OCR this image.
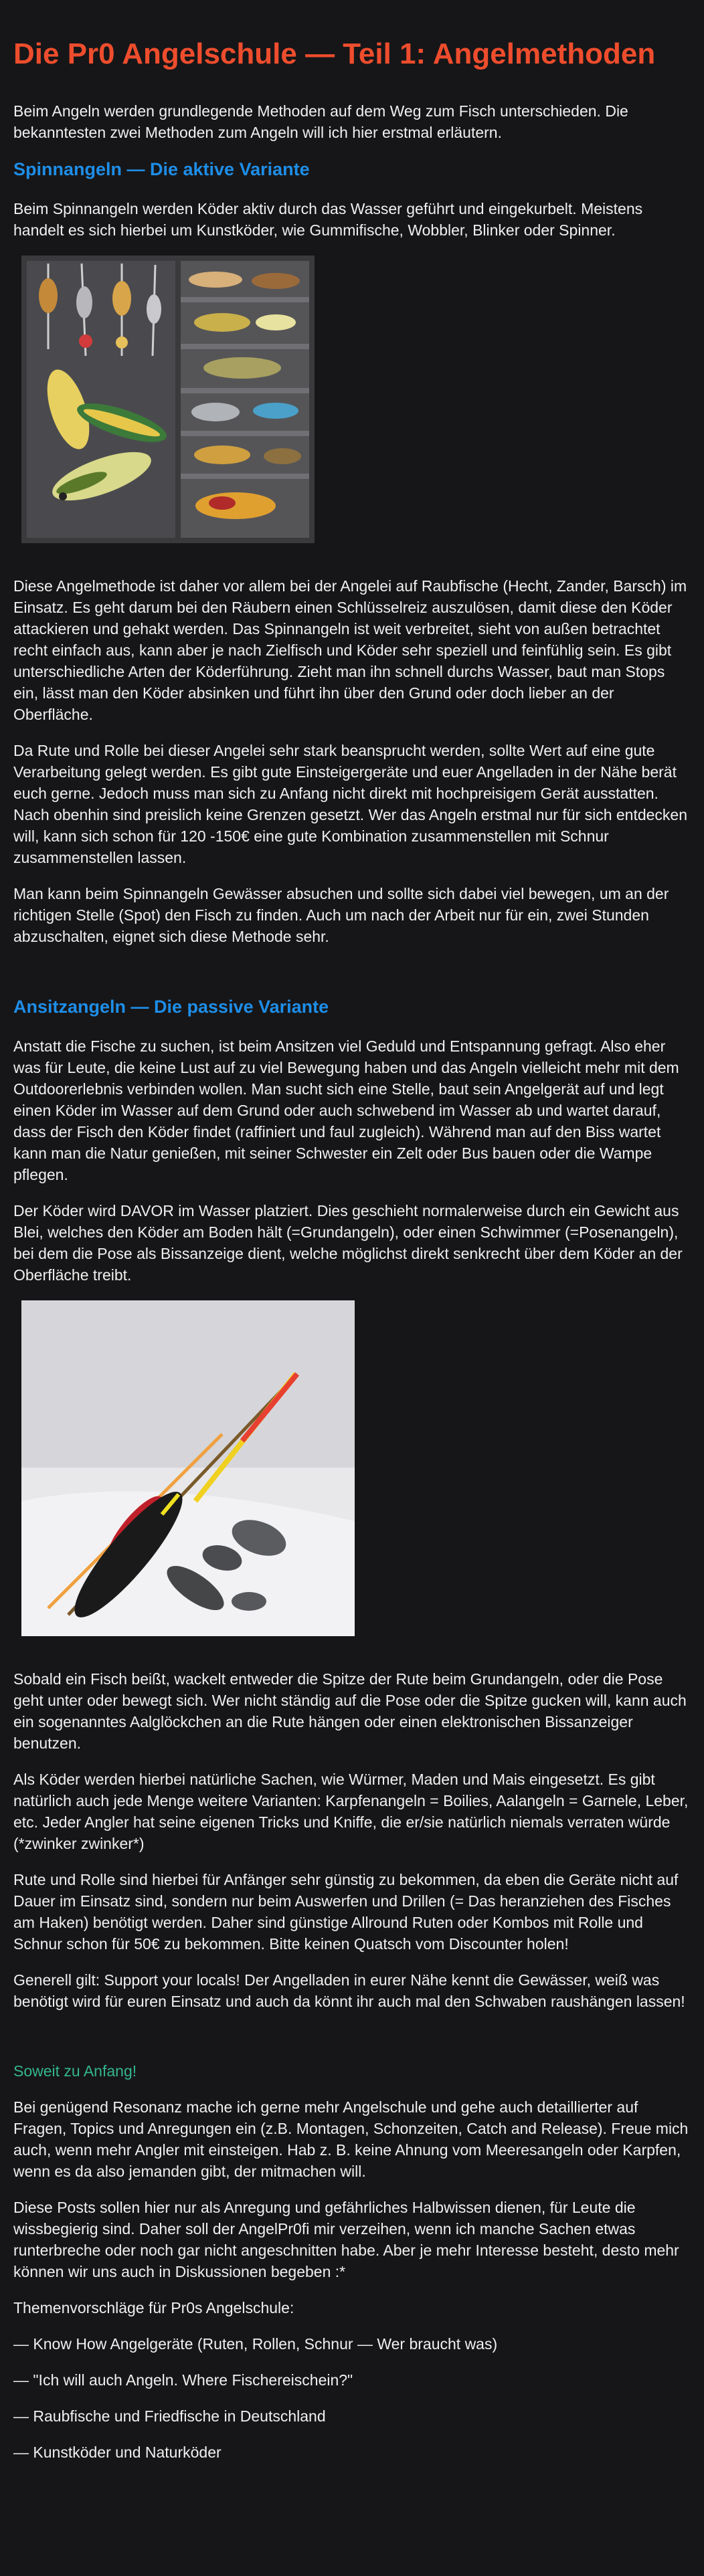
Die Pr0 Angelschule — Teil 1: Angelmethoden

Beim Angeln werden grundlegende Methoden auf dem Weg zum Fisch unterschieden. Die bekanntesten zwei Methoden zum Angeln will ich hier erstmal erläutern.

Spinnangeln — Die aktive Variante

Beim Spinnangeln werden Köder aktiv durch das Wasser geführt und eingekurbelt. Meistens handelt es sich hierbei um Kunstköder, wie Gummifische, Wobbler, Blinker oder Spinner.

Diese Angelmethode ist daher vor allem bei der Angelei auf Raubfische (Hecht, Zander, Barsch) im Einsatz. Es geht darum bei den Räubern einen Schlüsselreiz auszulösen, damit diese den Köder attackieren und gehakt werden. Das Spinnangeln ist weit verbreitet, sieht von außen betrachtet recht einfach aus, kann aber je nach Zielfisch und Köder sehr speziell und feinfühlig sein. Es gibt unterschiedliche Arten der Köderführung. Zieht man ihn schnell durchs Wasser, baut man Stops ein, lässt man den Köder absinken und führt ihn über den Grund oder doch lieber an der Oberfläche.

Da Rute und Rolle bei dieser Angelei sehr stark beansprucht werden, sollte Wert auf eine gute Verarbeitung gelegt werden. Es gibt gute Einsteigergeräte und euer Angelladen in der Nähe berät euch gerne. Jedoch muss man sich zu Anfang nicht direkt mit hochpreisigem Gerät ausstatten. Nach obenhin sind preislich keine Grenzen gesetzt. Wer das Angeln erstmal nur für sich entdecken will, kann sich schon für 120 -150€ eine gute Kombination zusammenstellen mit Schnur zusammenstellen lassen.

Man kann beim Spinnangeln Gewässer absuchen und sollte sich dabei viel bewegen, um an der richtigen Stelle (Spot) den Fisch zu finden. Auch um nach der Arbeit nur für ein, zwei Stunden abzuschalten, eignet sich diese Methode sehr.

Ansitzangeln — Die passive Variante

Anstatt die Fische zu suchen, ist beim Ansitzen viel Geduld und Entspannung gefragt. Also eher was für Leute, die keine Lust auf zu viel Bewegung haben und das Angeln vielleicht mehr mit dem Outdoorerlebnis verbinden wollen. Man sucht sich eine Stelle, baut sein Angelgerät auf und legt einen Köder im Wasser auf dem Grund oder auch schwebend im Wasser ab und wartet darauf, dass der Fisch den Köder findet (raffiniert und faul zugleich). Während man auf den Biss wartet kann man die Natur genießen, mit seiner Schwester ein Zelt oder Bus bauen oder die Wampe pflegen.

Der Köder wird DAVOR im Wasser platziert. Dies geschieht normalerweise durch ein Gewicht aus Blei, welches den Köder am Boden hält (=Grundangeln), oder einen Schwimmer (=Posenangeln), bei dem die Pose als Bissanzeige dient, welche möglichst direkt senkrecht über dem Köder an der Oberfläche treibt.

Sobald ein Fisch beißt, wackelt entweder die Spitze der Rute beim Grundangeln, oder die Pose geht unter oder bewegt sich. Wer nicht ständig auf die Pose oder die Spitze gucken will, kann auch ein sogenanntes Aalglöckchen an die Rute hängen oder einen elektronischen Bissanzeiger benutzen.

Als Köder werden hierbei natürliche Sachen, wie Würmer, Maden und Mais eingesetzt. Es gibt natürlich auch jede Menge weitere Varianten: Karpfenangeln = Boilies, Aalangeln = Garnele, Leber, etc. Jeder Angler hat seine eigenen Tricks und Kniffe, die er/sie natürlich niemals verraten würde (*zwinker zwinker*)

Rute und Rolle sind hierbei für Anfänger sehr günstig zu bekommen, da eben die Geräte nicht auf Dauer im Einsatz sind, sondern nur beim Auswerfen und Drillen (= Das heranziehen des Fisches am Haken) benötigt werden. Daher sind günstige Allround Ruten oder Kombos mit Rolle und Schnur schon für 50€ zu bekommen. Bitte keinen Quatsch vom Discounter holen!

Generell gilt: Support your locals! Der Angelladen in eurer Nähe kennt die Gewässer, weiß was benötigt wird für euren Einsatz und auch da könnt ihr auch mal den Schwaben raushängen lassen!

Soweit zu Anfang!

Bei genügend Resonanz mache ich gerne mehr Angelschule und gehe auch detaillierter auf Fragen, Topics und Anregungen ein (z.B. Montagen, Schonzeiten, Catch and Release). Freue mich auch, wenn mehr Angler mit einsteigen. Hab z. B. keine Ahnung vom Meeresangeln oder Karpfen, wenn es da also jemanden gibt, der mitmachen will.

Diese Posts sollen hier nur als Anregung und gefährliches Halbwissen dienen, für Leute die wissbegierig sind. Daher soll der AngelPr0fi mir verzeihen, wenn ich manche Sachen etwas runterbreche oder noch gar nicht angeschnitten habe. Aber je mehr Interesse besteht, desto mehr können wir uns auch in Diskussionen begeben :*

Themenvorschläge für Pr0s Angelschule:

— Know How Angelgeräte (Ruten, Rollen, Schnur — Wer braucht was)

— "Ich will auch Angeln. Where Fischereischein?"

— Raubfische und Friedfische in Deutschland

— Kunstköder und Naturköder
